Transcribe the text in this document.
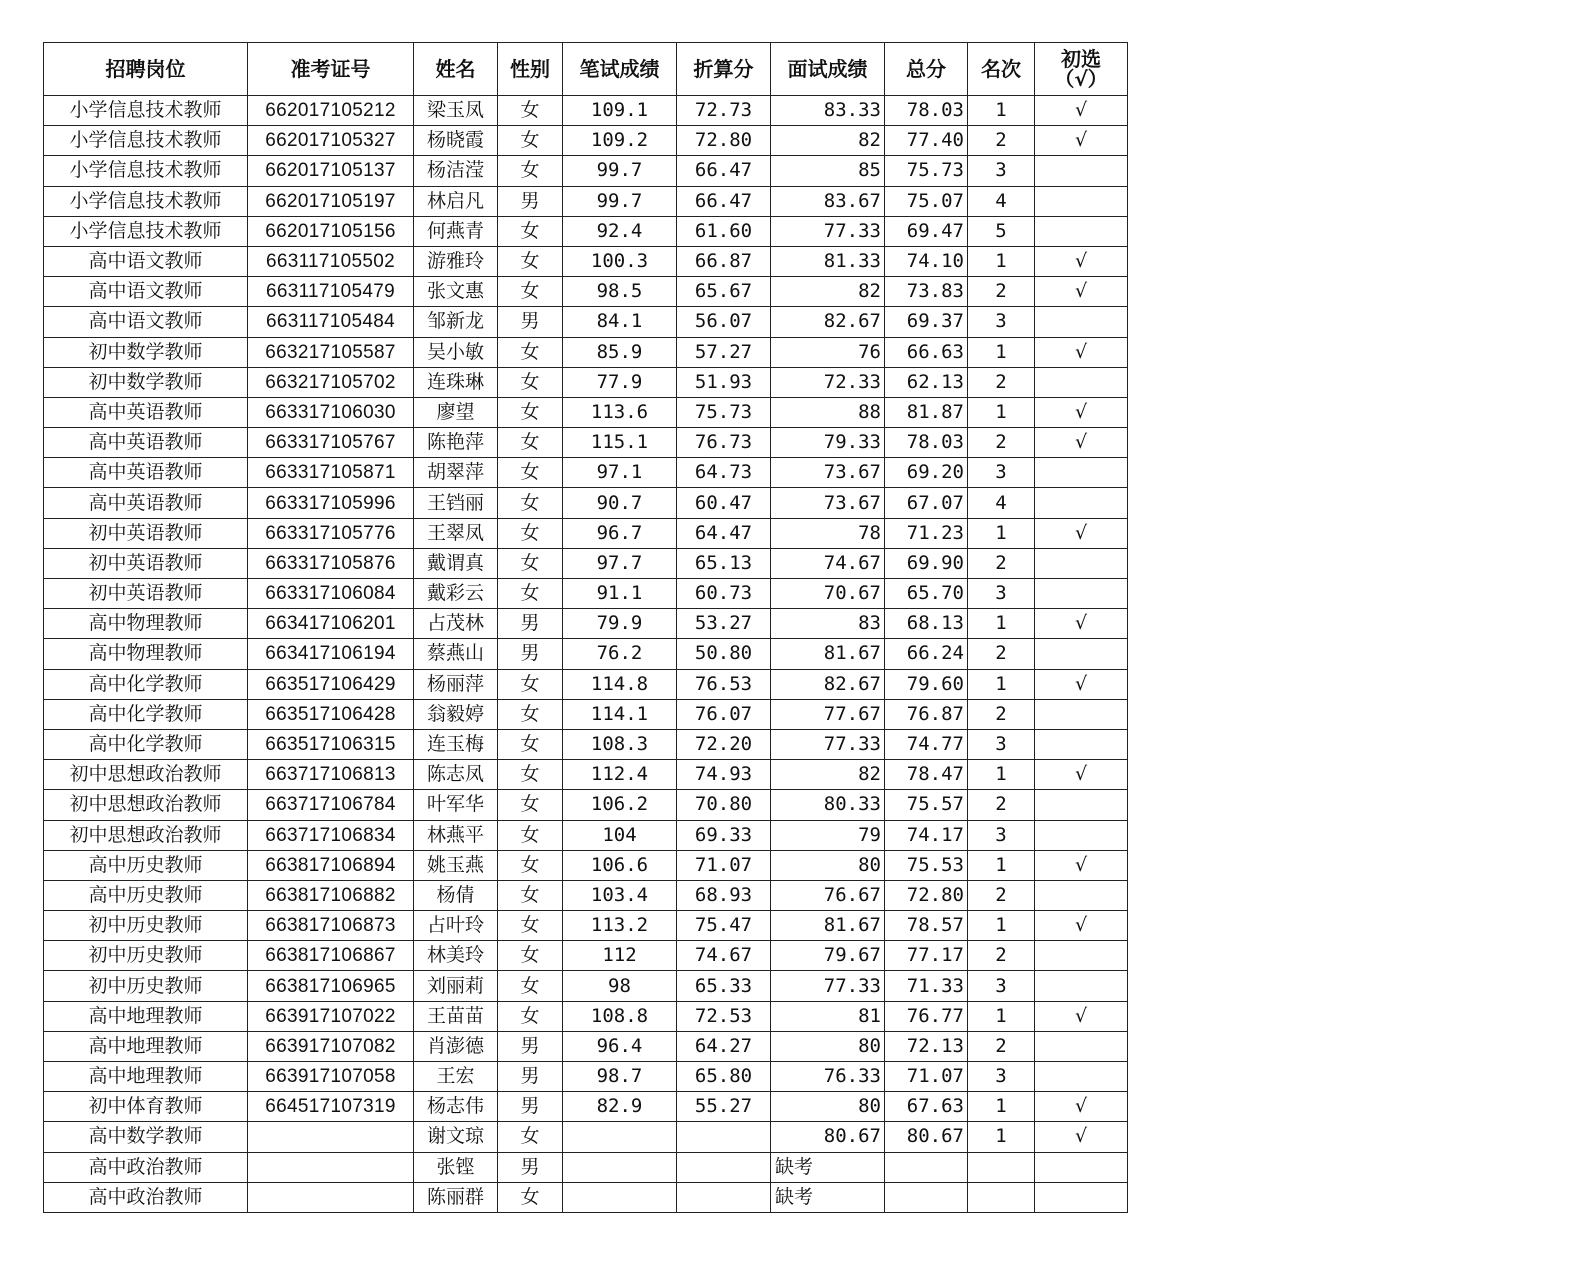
招聘岗位	准考证号	姓名	性别	笔试成绩	折算分	面试成绩	总分	名次	初选
（√）
小学信息技术教师	662017105212	梁玉凤	女	109.1	72.73	83.33	78.03	1	√
小学信息技术教师	662017105327	杨晓霞	女	109.2	72.80	82	77.40	2	√
小学信息技术教师	662017105137	杨洁滢	女	99.7	66.47	85	75.73	3	
小学信息技术教师	662017105197	林启凡	男	99.7	66.47	83.67	75.07	4	
小学信息技术教师	662017105156	何燕青	女	92.4	61.60	77.33	69.47	5	
高中语文教师	663117105502	游雅玲	女	100.3	66.87	81.33	74.10	1	√
高中语文教师	663117105479	张文惠	女	98.5	65.67	82	73.83	2	√
高中语文教师	663117105484	邹新龙	男	84.1	56.07	82.67	69.37	3	
初中数学教师	663217105587	吴小敏	女	85.9	57.27	76	66.63	1	√
初中数学教师	663217105702	连珠琳	女	77.9	51.93	72.33	62.13	2	
高中英语教师	663317106030	廖望	女	113.6	75.73	88	81.87	1	√
高中英语教师	663317105767	陈艳萍	女	115.1	76.73	79.33	78.03	2	√
高中英语教师	663317105871	胡翠萍	女	97.1	64.73	73.67	69.20	3	
高中英语教师	663317105996	王铛丽	女	90.7	60.47	73.67	67.07	4	
初中英语教师	663317105776	王翠凤	女	96.7	64.47	78	71.23	1	√
初中英语教师	663317105876	戴谓真	女	97.7	65.13	74.67	69.90	2	
初中英语教师	663317106084	戴彩云	女	91.1	60.73	70.67	65.70	3	
高中物理教师	663417106201	占茂林	男	79.9	53.27	83	68.13	1	√
高中物理教师	663417106194	蔡燕山	男	76.2	50.80	81.67	66.24	2	
高中化学教师	663517106429	杨丽萍	女	114.8	76.53	82.67	79.60	1	√
高中化学教师	663517106428	翁毅婷	女	114.1	76.07	77.67	76.87	2	
高中化学教师	663517106315	连玉梅	女	108.3	72.20	77.33	74.77	3	
初中思想政治教师	663717106813	陈志凤	女	112.4	74.93	82	78.47	1	√
初中思想政治教师	663717106784	叶军华	女	106.2	70.80	80.33	75.57	2	
初中思想政治教师	663717106834	林燕平	女	104	69.33	79	74.17	3	
高中历史教师	663817106894	姚玉燕	女	106.6	71.07	80	75.53	1	√
高中历史教师	663817106882	杨倩	女	103.4	68.93	76.67	72.80	2	
初中历史教师	663817106873	占叶玲	女	113.2	75.47	81.67	78.57	1	√
初中历史教师	663817106867	林美玲	女	112	74.67	79.67	77.17	2	
初中历史教师	663817106965	刘丽莉	女	98	65.33	77.33	71.33	3	
高中地理教师	663917107022	王苗苗	女	108.8	72.53	81	76.77	1	√
高中地理教师	663917107082	肖澎德	男	96.4	64.27	80	72.13	2	
高中地理教师	663917107058	王宏	男	98.7	65.80	76.33	71.07	3	
初中体育教师	664517107319	杨志伟	男	82.9	55.27	80	67.63	1	√
高中数学教师		谢文琼	女			80.67	80.67	1	√
高中政治教师		张铿	男			缺考			
高中政治教师		陈丽群	女			缺考			
